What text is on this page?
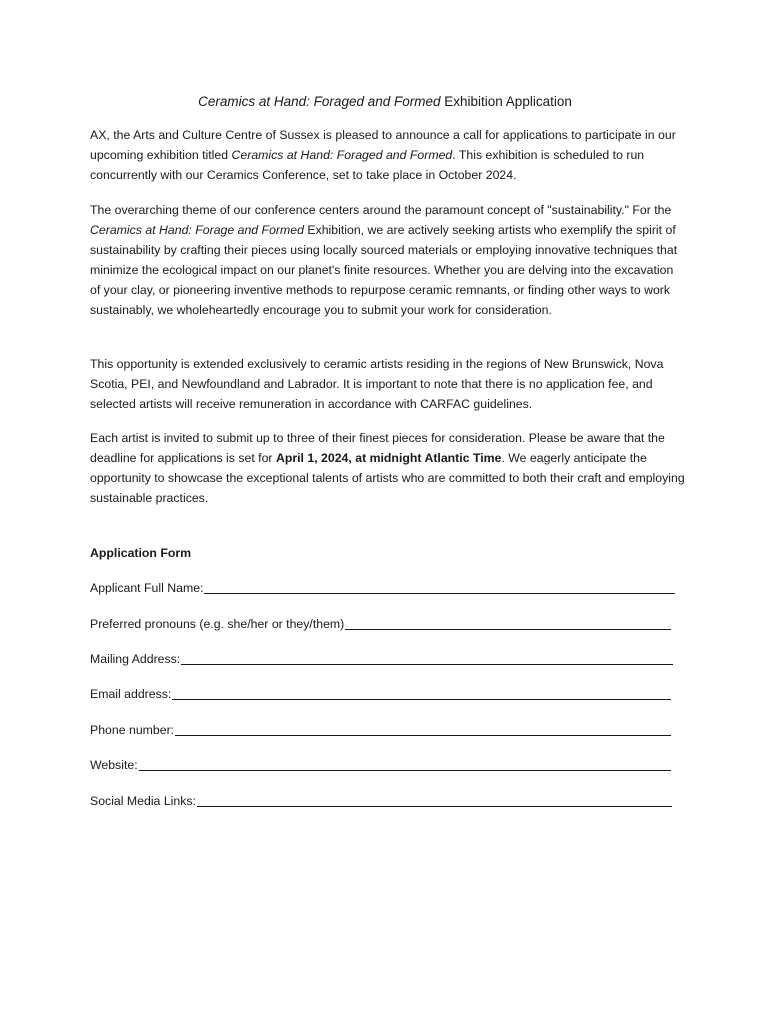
Ceramics at Hand: Foraged and Formed Exhibition Application

AX, the Arts and Culture Centre of Sussex is pleased to announce a call for applications to participate in our upcoming exhibition titled Ceramics at Hand: Foraged and Formed. This exhibition is scheduled to run concurrently with our Ceramics Conference, set to take place in October 2024.

The overarching theme of our conference centers around the paramount concept of "sustainability." For the Ceramics at Hand: Forage and Formed Exhibition, we are actively seeking artists who exemplify the spirit of sustainability by crafting their pieces using locally sourced materials or employing innovative techniques that minimize the ecological impact on our planet's finite resources. Whether you are delving into the excavation of your clay, or pioneering inventive methods to repurpose ceramic remnants, or finding other ways to work sustainably, we wholeheartedly encourage you to submit your work for consideration.

This opportunity is extended exclusively to ceramic artists residing in the regions of New Brunswick, Nova Scotia, PEI, and Newfoundland and Labrador. It is important to note that there is no application fee, and selected artists will receive remuneration in accordance with CARFAC guidelines.

Each artist is invited to submit up to three of their finest pieces for consideration. Please be aware that the deadline for applications is set for April 1, 2024, at midnight Atlantic Time. We eagerly anticipate the opportunity to showcase the exceptional talents of artists who are committed to both their craft and employing sustainable practices.

Application Form
Applicant Full Name:
Preferred pronouns (e.g. she/her or they/them)
Mailing Address:
Email address:
Phone number:
Website:
Social Media Links:
